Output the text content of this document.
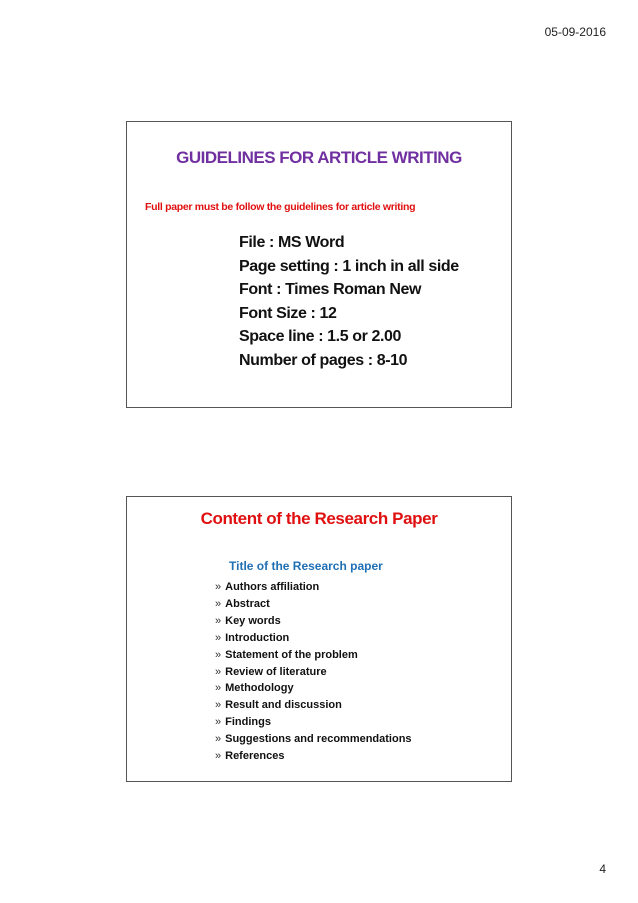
05-09-2016
GUIDELINES FOR ARTICLE WRITING
Full paper must be follow the guidelines for article writing
File : MS Word
Page setting : 1 inch in all side
Font : Times Roman New
Font Size : 12
Space line : 1.5 or 2.00
Number of pages : 8-10
Content of the Research Paper
Title of the Research paper
» Authors affiliation
» Abstract
» Key words
» Introduction
» Statement of the problem
» Review of literature
» Methodology
» Result and discussion
» Findings
» Suggestions and recommendations
» References
4
